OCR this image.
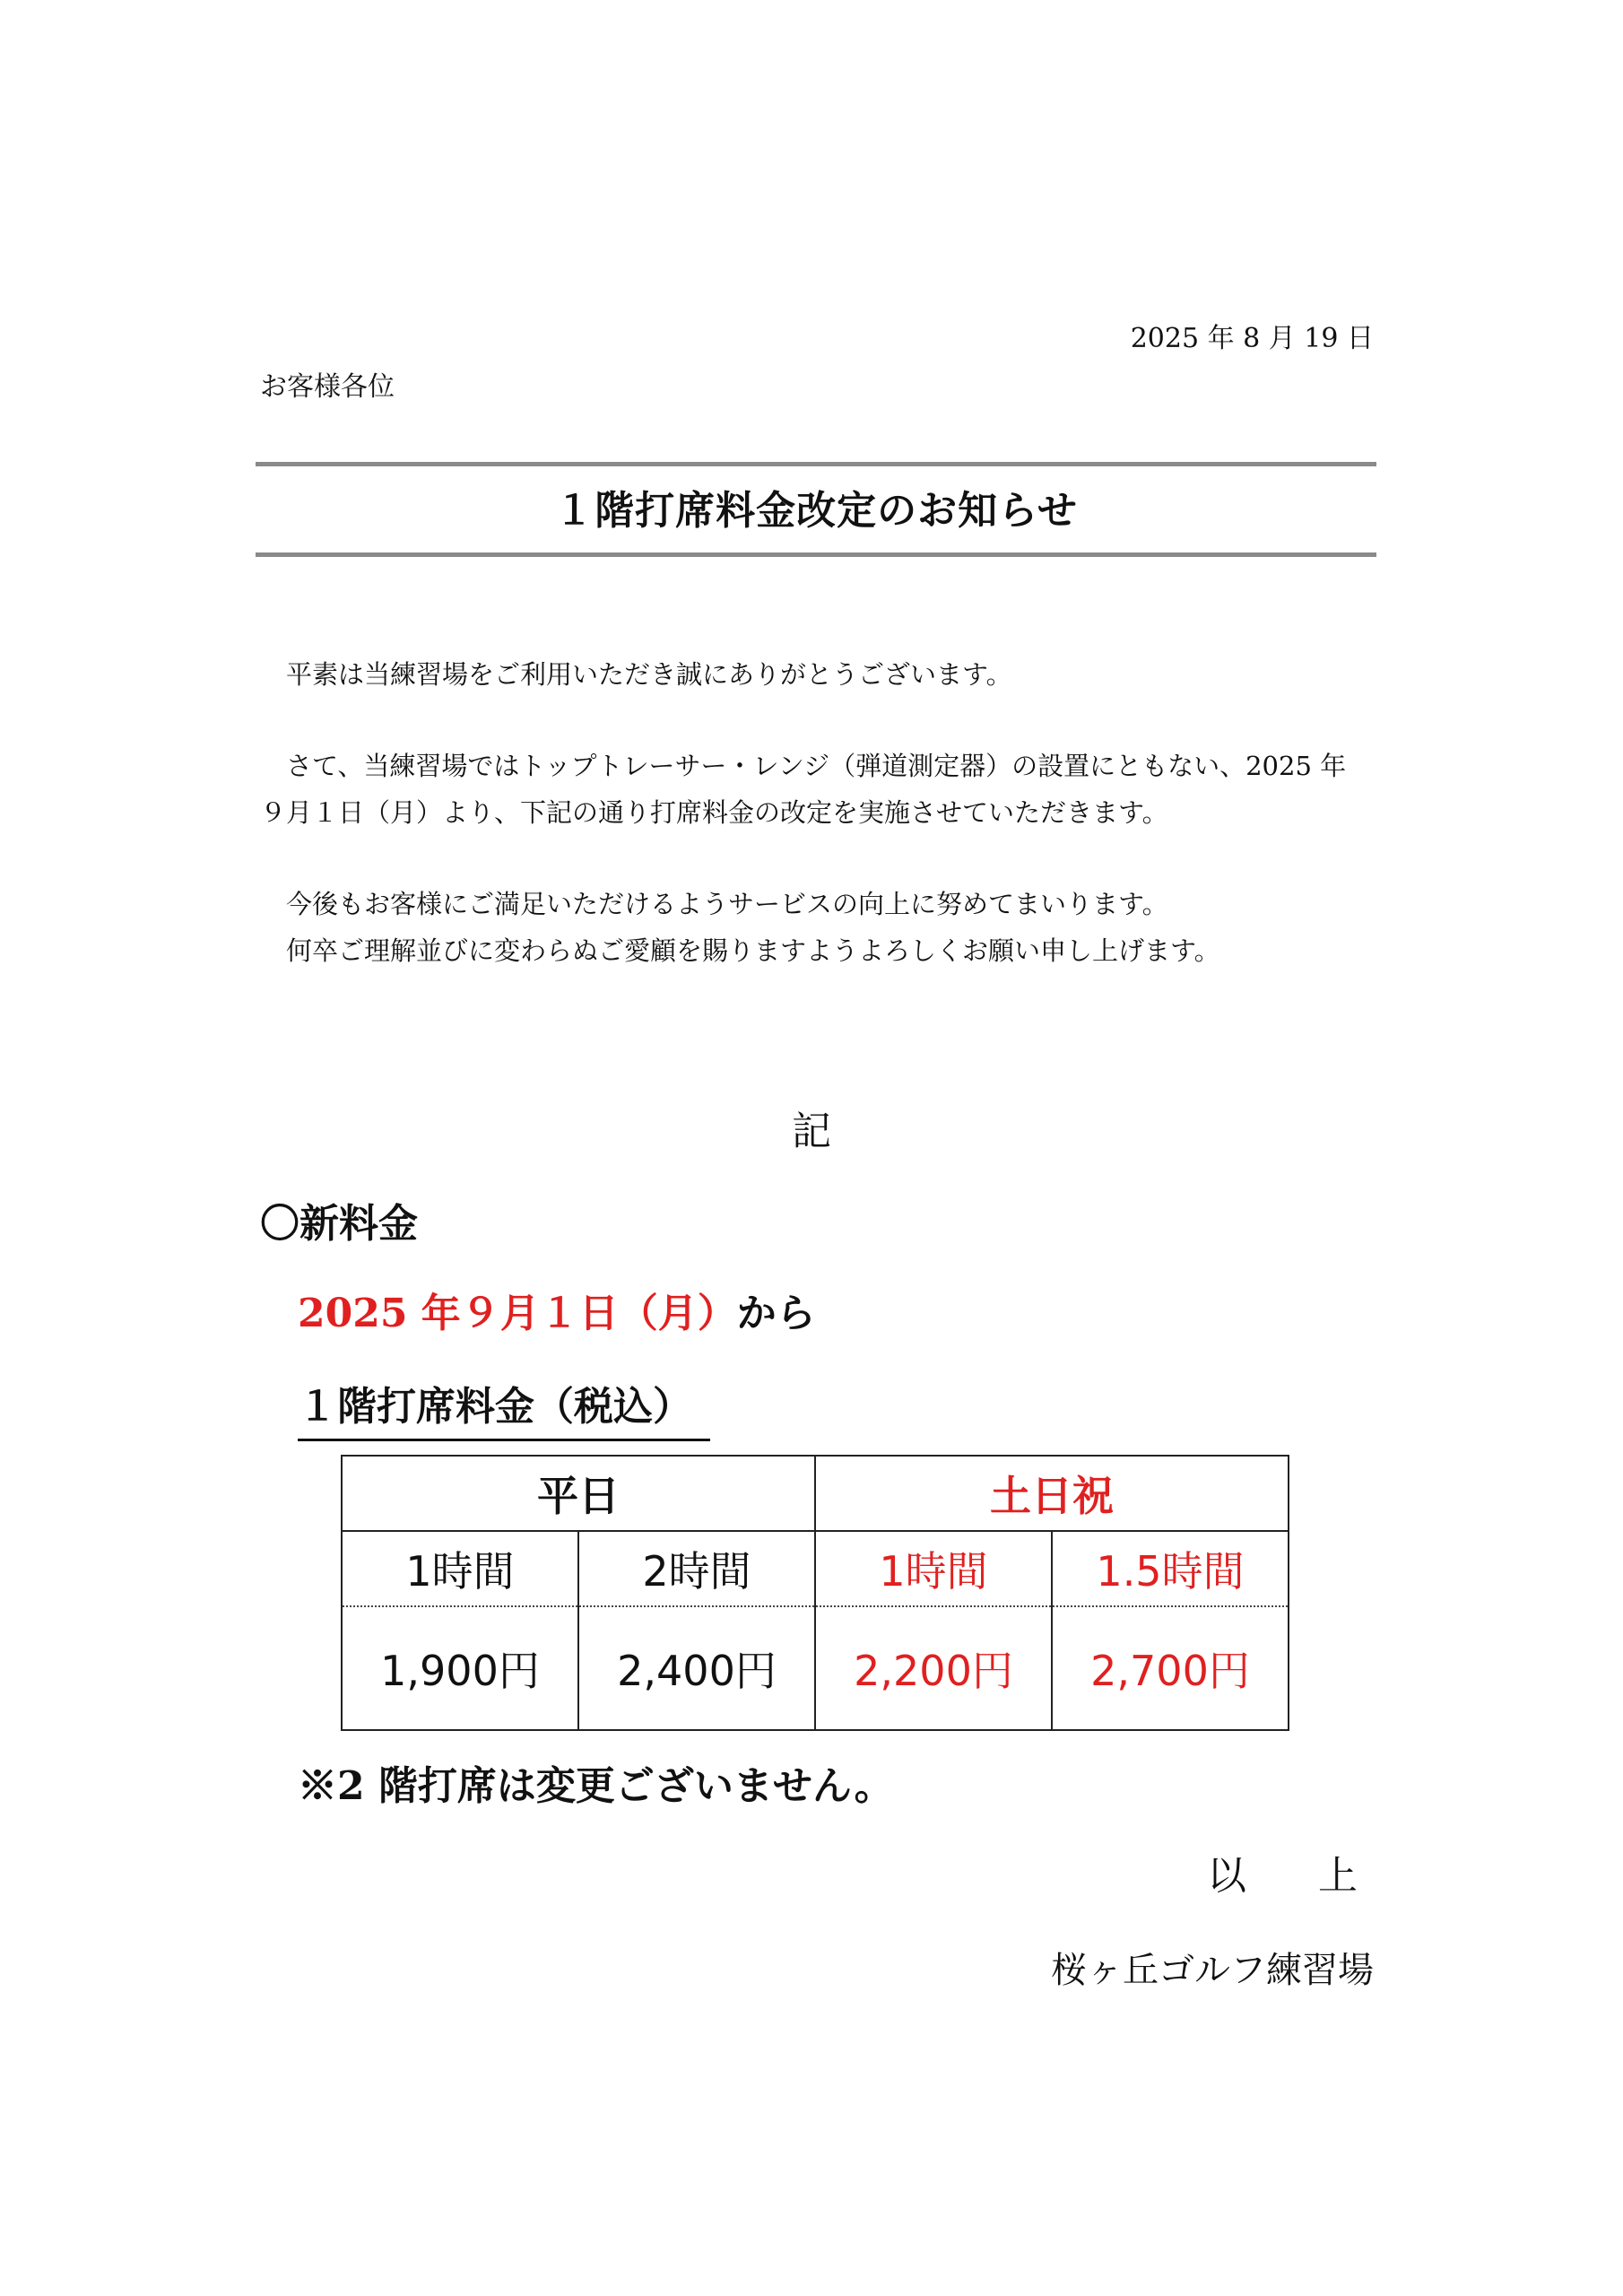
2025 年 8 月 19 日
お客様各位
１階打席料金改定のお知らせ
　平素は当練習場をご利用いただき誠にありがとうございます。
　さて、当練習場ではトップトレーサー・レンジ（弾道測定器）の設置にともない、2025 年
９月１日（月）より、下記の通り打席料金の改定を実施させていただきます。
　今後もお客様にご満足いただけるようサービスの向上に努めてまいります。
　何卒ご理解並びに変わらぬご愛顧を賜りますようよろしくお願い申し上げます。
記
〇新料金
2025 年９月１日（月）から
１階打席料金（税込）
平日		土日祝	
1時間	2時間	1時間	1.5時間
1,900円	2,400円	2,200円	2,700円
※2 階打席は変更ございません。
以　上
桜ヶ丘ゴルフ練習場
